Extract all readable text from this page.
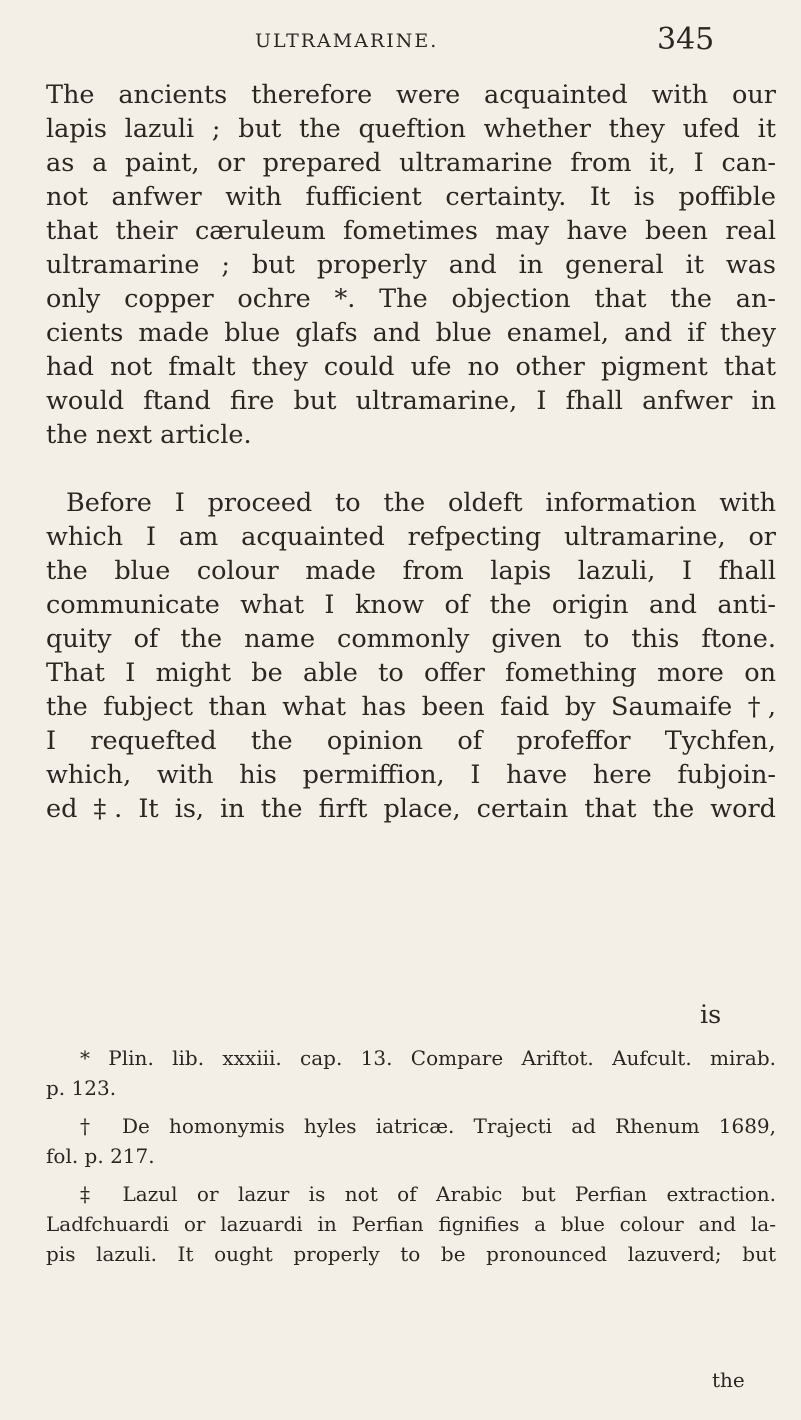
ULTRAMARINE.	345
The ancients therefore were acquainted with our
lapis lazuli ; but the queftion whether they ufed it
as a paint, or prepared ultramarine from it, I can-
not anfwer with fufficient certainty. It is poffible
that their cæruleum fometimes may have been real
ultramarine ; but properly and in general it was
only copper ochre *. The objection that the an-
cients made blue glafs and blue enamel, and if they
had not fmalt they could ufe no other pigment that
would ftand fire but ultramarine, I fhall anfwer in
the next article.
Before I proceed to the oldeft information with
which I am acquainted refpecting ultramarine, or
the blue colour made from lapis lazuli, I fhall
communicate what I know of the origin and anti-
quity of the name commonly given to this ftone.
That I might be able to offer fomething more on
the fubject than what has been faid by Saumaife †,
I requefted the opinion of profeffor Tychfen,
which, with his permiffion, I have here fubjoin-
ed ‡. It is, in the firft place, certain that the word
is
* Plin. lib. xxxiii. cap. 13. Compare Ariftot. Aufcult. mirab.
p. 123.
† De homonymis hyles iatricæ. Trajecti ad Rhenum 1689,
fol. p. 217.
‡ Lazul or lazur is not of Arabic but Perfian extraction.
Ladfchuardi or lazuardi in Perfian fignifies a blue colour and la-
pis lazuli. It ought properly to be pronounced lazuverd; but
the
